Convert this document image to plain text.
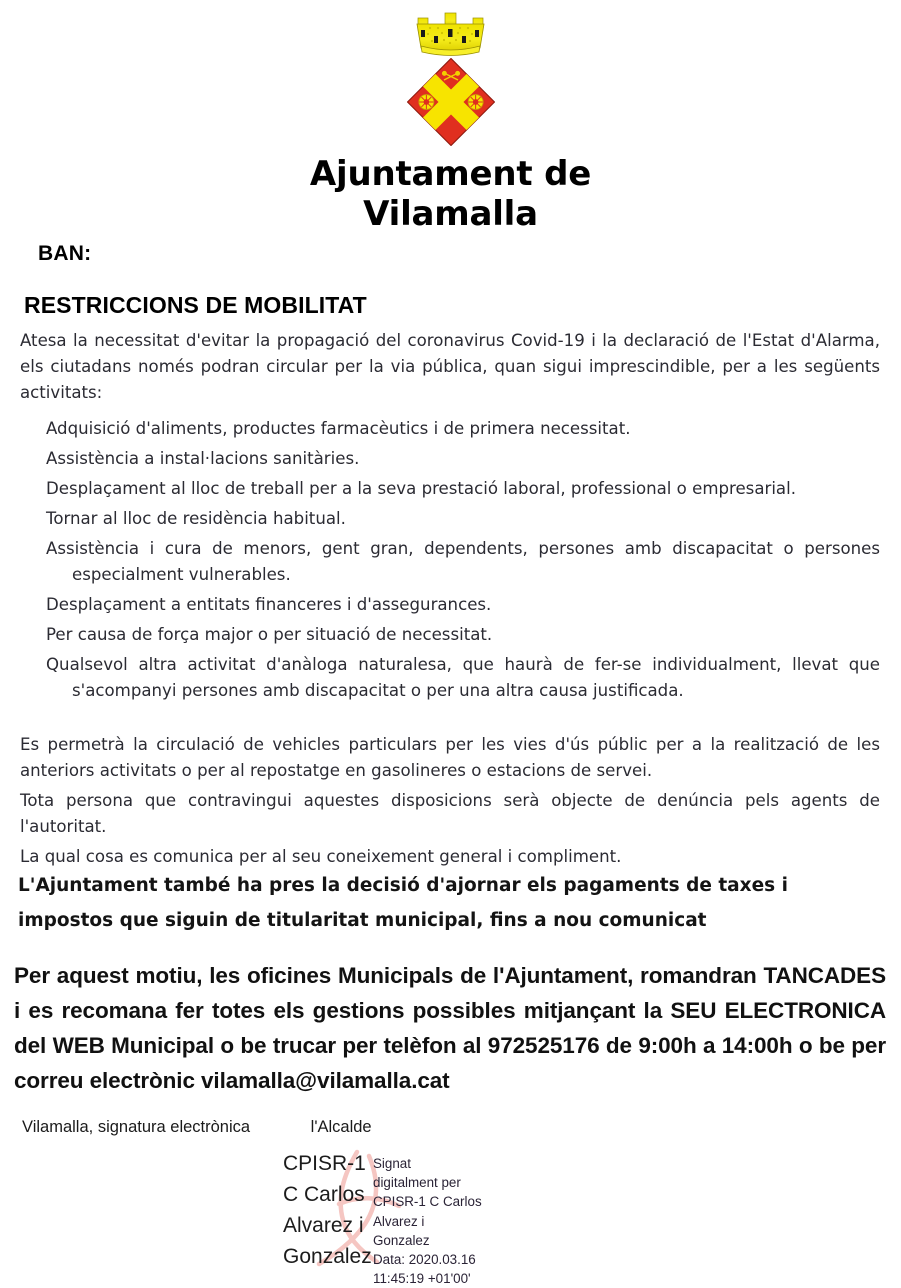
Ajuntament de
Vilamalla
BAN:
RESTRICCIONS DE MOBILITAT

Atesa la necessitat d'evitar la propagació del coronavirus Covid-19 i la declaració de l'Estat d'Alarma, els ciutadans només podran circular per la via pública, quan sigui imprescindible, per a les següents activitats:

Adquisició d'aliments, productes farmacèutics i de primera necessitat.
Assistència a instal·lacions sanitàries.
Desplaçament al lloc de treball per a la seva prestació laboral, professional o empresarial.
Tornar al lloc de residència habitual.
Assistència i cura de menors, gent gran, dependents, persones amb discapacitat o persones especialment vulnerables.
Desplaçament a entitats financeres i d'assegurances.
Per causa de força major o per situació de necessitat.
Qualsevol altra activitat d'anàloga naturalesa, que haurà de fer-se individualment, llevat que s'acompanyi persones amb discapacitat o per una altra causa justificada.

Es permetrà la circulació de vehicles particulars per les vies d'ús públic per a la realització de les anteriors activitats o per al repostatge en gasolineres o estacions de servei.

Tota persona que contravingui aquestes disposicions serà objecte de denúncia pels agents de l'autoritat.

La qual cosa es comunica per al seu coneixement general i compliment.

L'Ajuntament també ha pres la decisió d'ajornar els pagaments de taxes i impostos que siguin de titularitat municipal, fins a nou comunicat
Per aquest motiu, les oficines Municipals de l'Ajuntament, romandran TANCADES i es recomana fer totes els gestions possibles mitjançant la SEU ELECTRONICA del WEB Municipal o be trucar per telèfon al 972525176 de 9:00h a 14:00h o be per correu electrònic vilamalla@vilamalla.cat
Vilamalla, signatura electrònica	l'Alcalde
CPISR-1
C Carlos
Alvarez i
Gonzalez
Signat
digitalment per
CPISR-1 C Carlos
Alvarez i
Gonzalez
Data: 2020.03.16
11:45:19 +01'00'
